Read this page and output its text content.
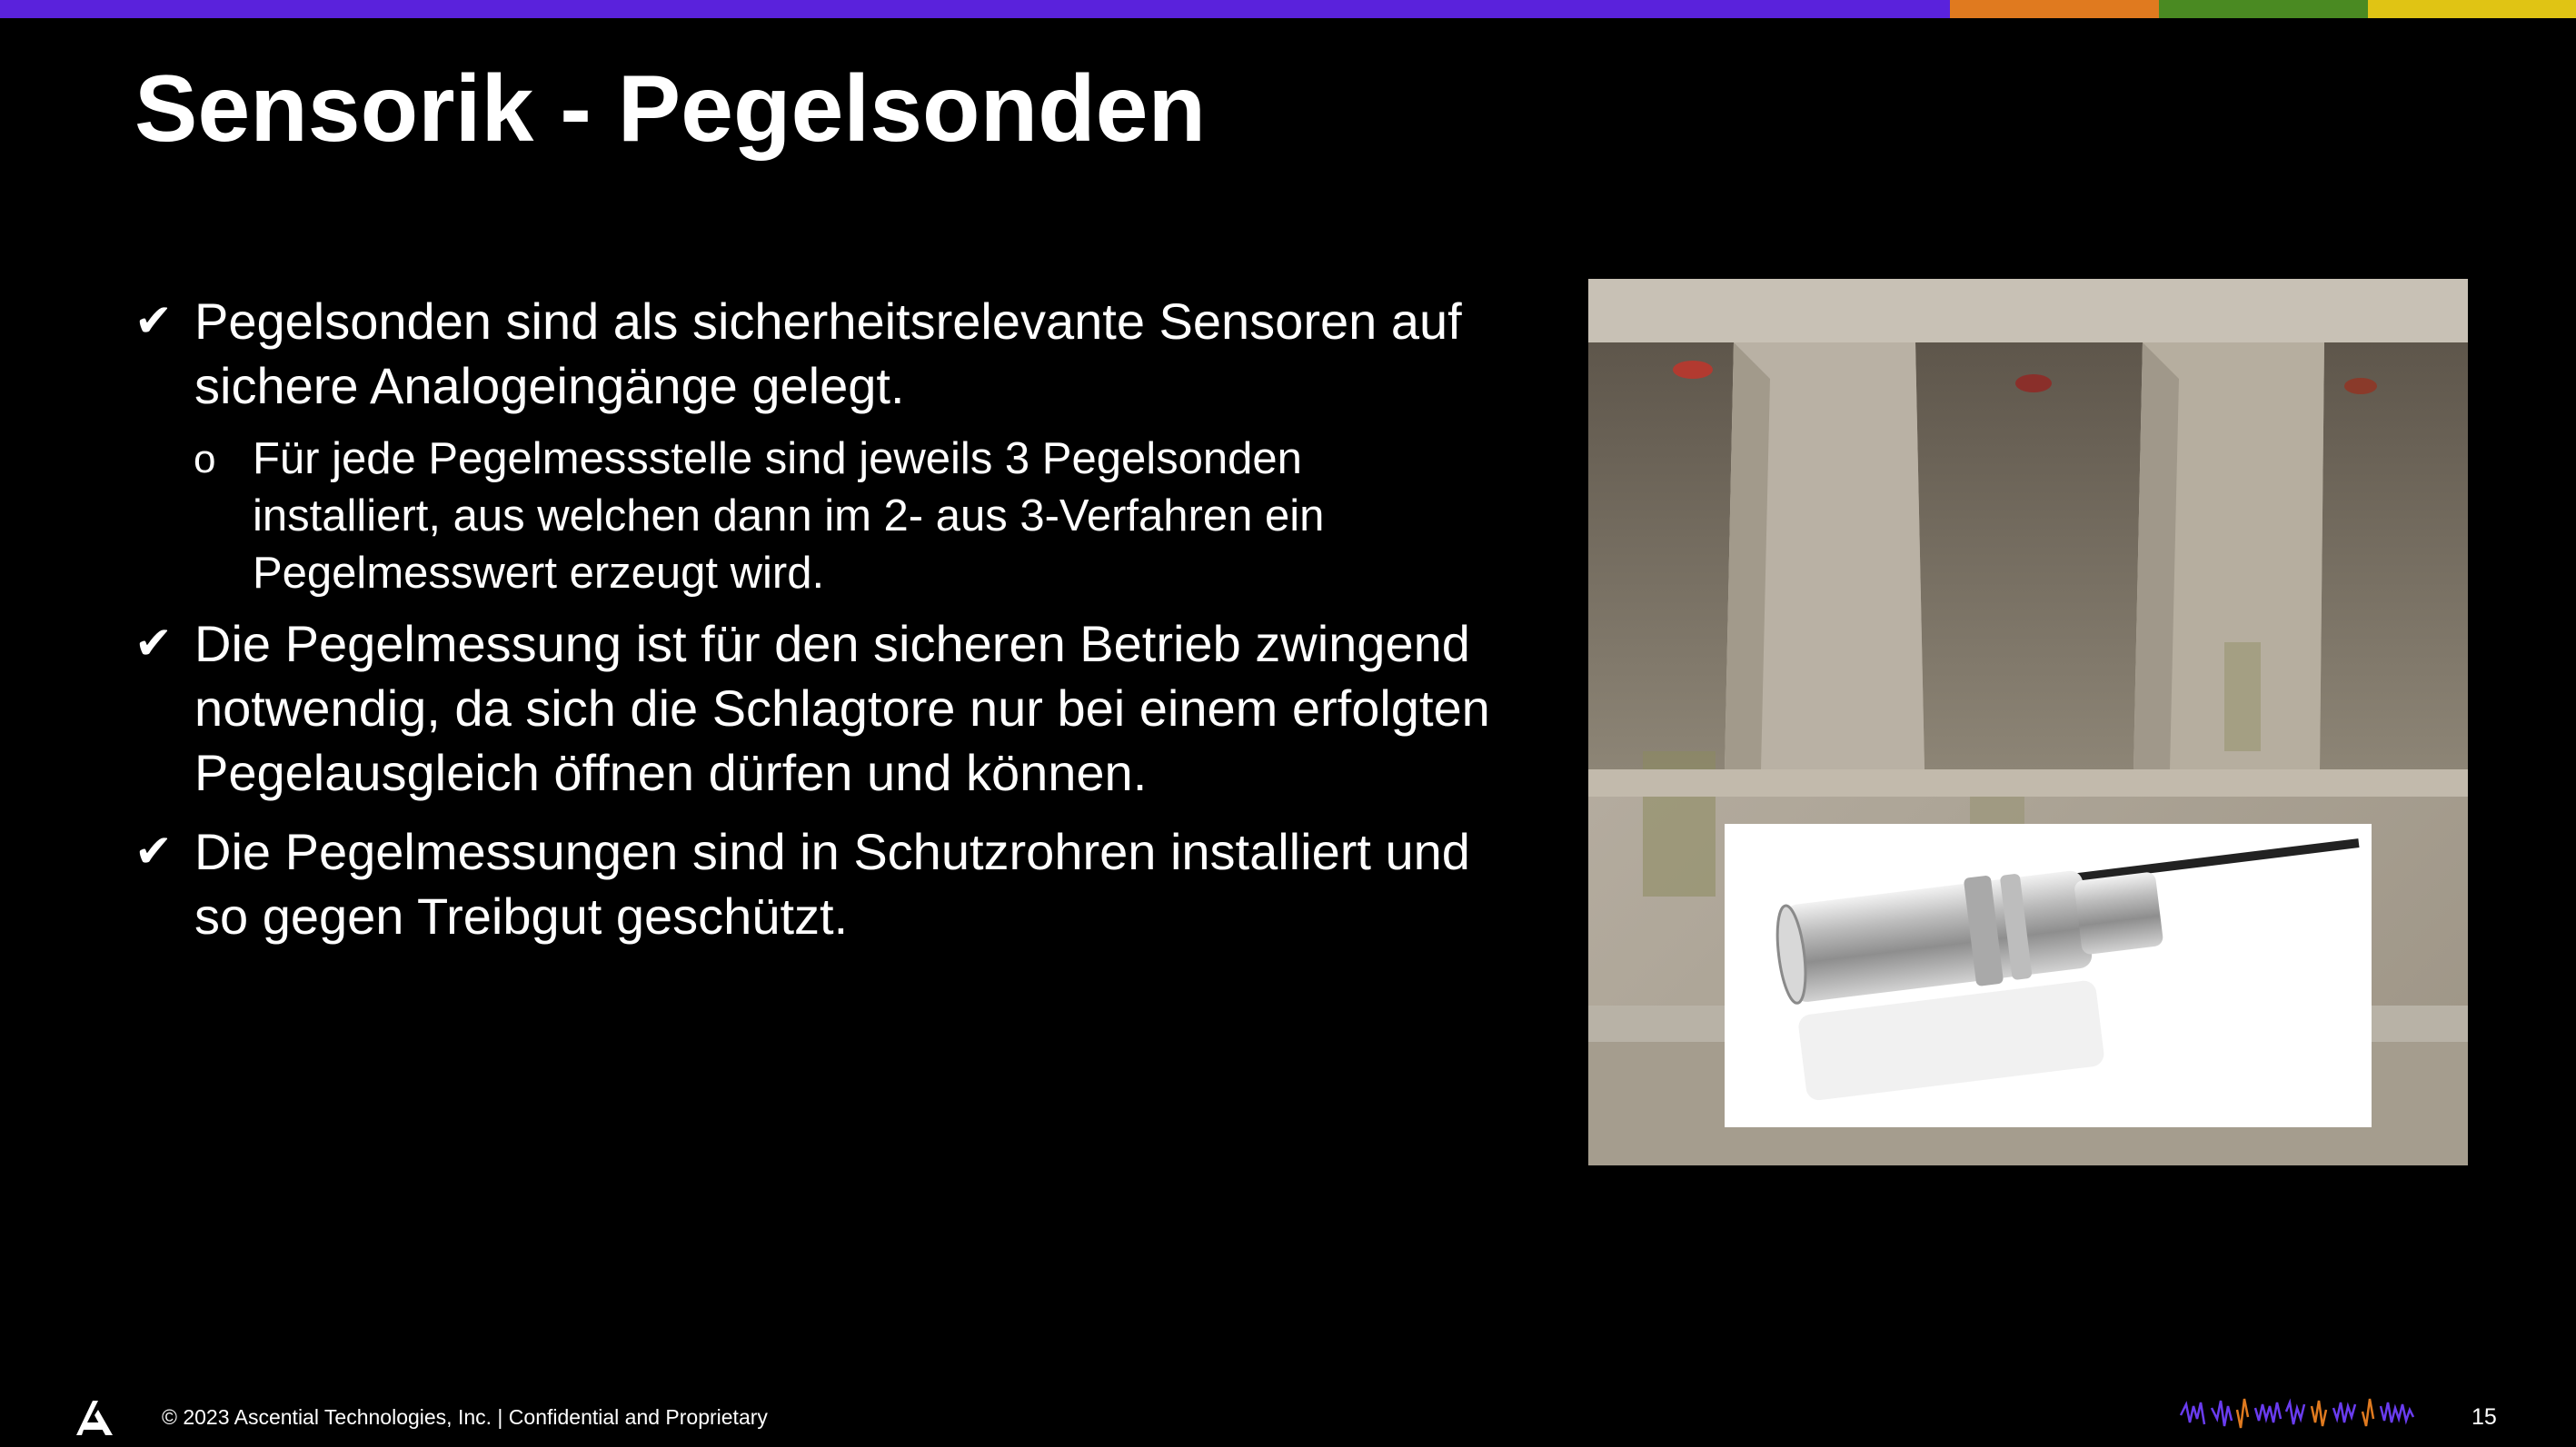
Sensorik - Pegelsonden
✔ Pegelsonden sind als sicherheitsrelevante Sensoren auf
sichere Analogeingänge gelegt.
o Für jede Pegelmessstelle sind jeweils 3 Pegelsonden
installiert, aus welchen dann im 2- aus 3-Verfahren ein
Pegelmesswert erzeugt wird.
✔ Die Pegelmessung ist für den sicheren Betrieb zwingend
notwendig, da sich die Schlagtore nur bei einem erfolgten
Pegelausgleich öffnen dürfen und können.
✔ Die Pegelmessungen sind in Schutzrohren installiert und
so gegen Treibgut geschützt.
© 2023 Ascential Technologies, Inc. | Confidential and Proprietary	15
